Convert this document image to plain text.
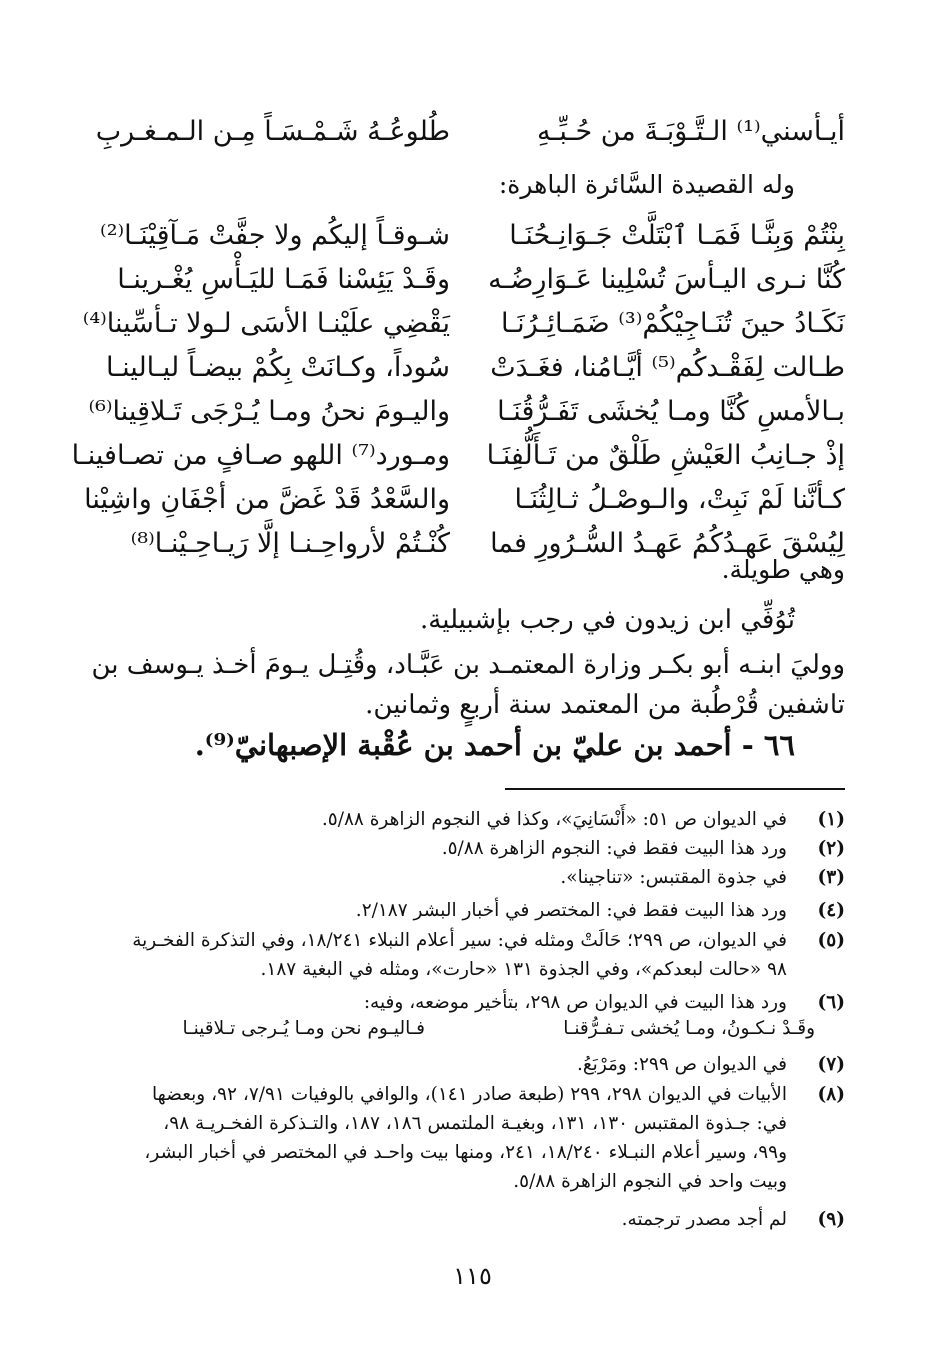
أيـأسني⁽¹⁾ الـتَّـوْبَـةَ من حُـبِّـهِ
طُلوعُـهُ شَـمْـسَـاً مِـن الـمـغـربِ
وله القصيدة السَّائرة الباهرة:
بِنْتُمْ وَبِنَّـا فَمَـا ٱبْتَلَّتْ جَـوَانِـحُنَـا
كُنَّا نـرى اليـأسَ تُسْلِينا عَـوَارِضُـه
نَكَـادُ حينَ تُنَـاجِيْكُمْ⁽³⁾ ضَمَـائِـرُنَـا
طـالت لِفَقْـدكُم⁽⁵⁾ أيَّـامُنا، فغَـدَتْ
بـالأمسِ كُنَّا ومـا يُخشَى تَفَـرُّقُنَـا
إذْ جـانِبُ العَيْشِ طَلْقٌ من تَـأَلُّفِنَـا
كـأنَّنا لَمْ نَبِتْ، والـوصْـلُ ثـالِثُنَـا
لِيُسْقَ عَهـدُكُمُ عَهـدُ السُّـرُورِ فما
شـوقـاً إليكُم ولا جفَّتْ مَـآقِيْنَـا⁽²⁾
وقَـدْ يَئِسْنا فَمَـا لليَـأْسِ يُغْـرينـا
يَقْضِي علَيْنـا الأسَى لـولا تـأسِّينا⁽⁴⁾
سُوداً، وكـانَتْ بِكُمْ بيضـاً ليـالينـا
واليـومَ نحنُ ومـا يُـرْجَى تَـلاقِينا⁽⁶⁾
ومـورد⁽⁷⁾ اللهو صـافٍ من تصـافينـا
والسَّعْدُ قَدْ غَضَّ من أجْفَانِ واشِيْنا
كُنْـتُمْ لأرواحِـنـا إلَّا رَيـاحِـيْنـا⁽⁸⁾
وهي طويلة.
تُوُفِّي ابن زيدون في رجب بإشبيلية.
ووليَ ابنـه أبو بكـر وزارة المعتمـد بن عَبَّـاد، وقُتِـل يـومَ أخـذ يـوسف بن
تاشفين قُرْطُبة من المعتمد سنة أربعٍ وثمانين.
٦٦ - أحمد بن عليّ بن أحمد بن عُقْبة الإصبهانيّ⁽⁹⁾.
(١)
في الديوان ص ٥١: «أَنْسَانِيَ»، وكذا في النجوم الزاهرة ٥/٨٨.
(٢)
ورد هذا البيت فقط في: النجوم الزاهرة ٥/٨٨.
(٣)
في جذوة المقتبس: «تناجينا».
(٤)
ورد هذا البيت فقط في: المختصر في أخبار البشر ٢/١٨٧.
(٥)
في الديوان، ص ٢٩٩؛ حَالَتْ ومثله في: سير أعلام النبلاء ١٨/٢٤١، وفي التذكرة الفخـرية
٩٨ «حالت لبعدكم»، وفي الجذوة ١٣١ «حارت»، ومثله في البغية ١٨٧.
(٦)
ورد هذا البيت في الديوان ص ٢٩٨، بتأخير موضعه، وفيه:
وقَـدْ نـكـونُ، ومـا يُخشى تـفـرُّقنـا
فـاليـوم نحن ومـا يُـرجى تـلاقينـا
(٧)
في الديوان ص ٢٩٩: ومَرْبَعُ.
(٨)
الأبيات في الديوان ٢٩٨، ٢٩٩ (طبعة صادر ١٤١)، والوافي بالوفيات ٧/٩١، ٩٢، وبعضها
في: جـذوة المقتبس ١٣٠، ١٣١، وبغيـة الملتمس ١٨٦، ١٨٧، والتـذكرة الفخـريـة ٩٨،
و٩٩، وسير أعلام النبـلاء ١٨/٢٤٠، ٢٤١، ومنها بيت واحـد في المختصر في أخبار البشر،
وبيت واحد في النجوم الزاهرة ٥/٨٨.
(٩)
لم أجد مصدر ترجمته.
١١٥
